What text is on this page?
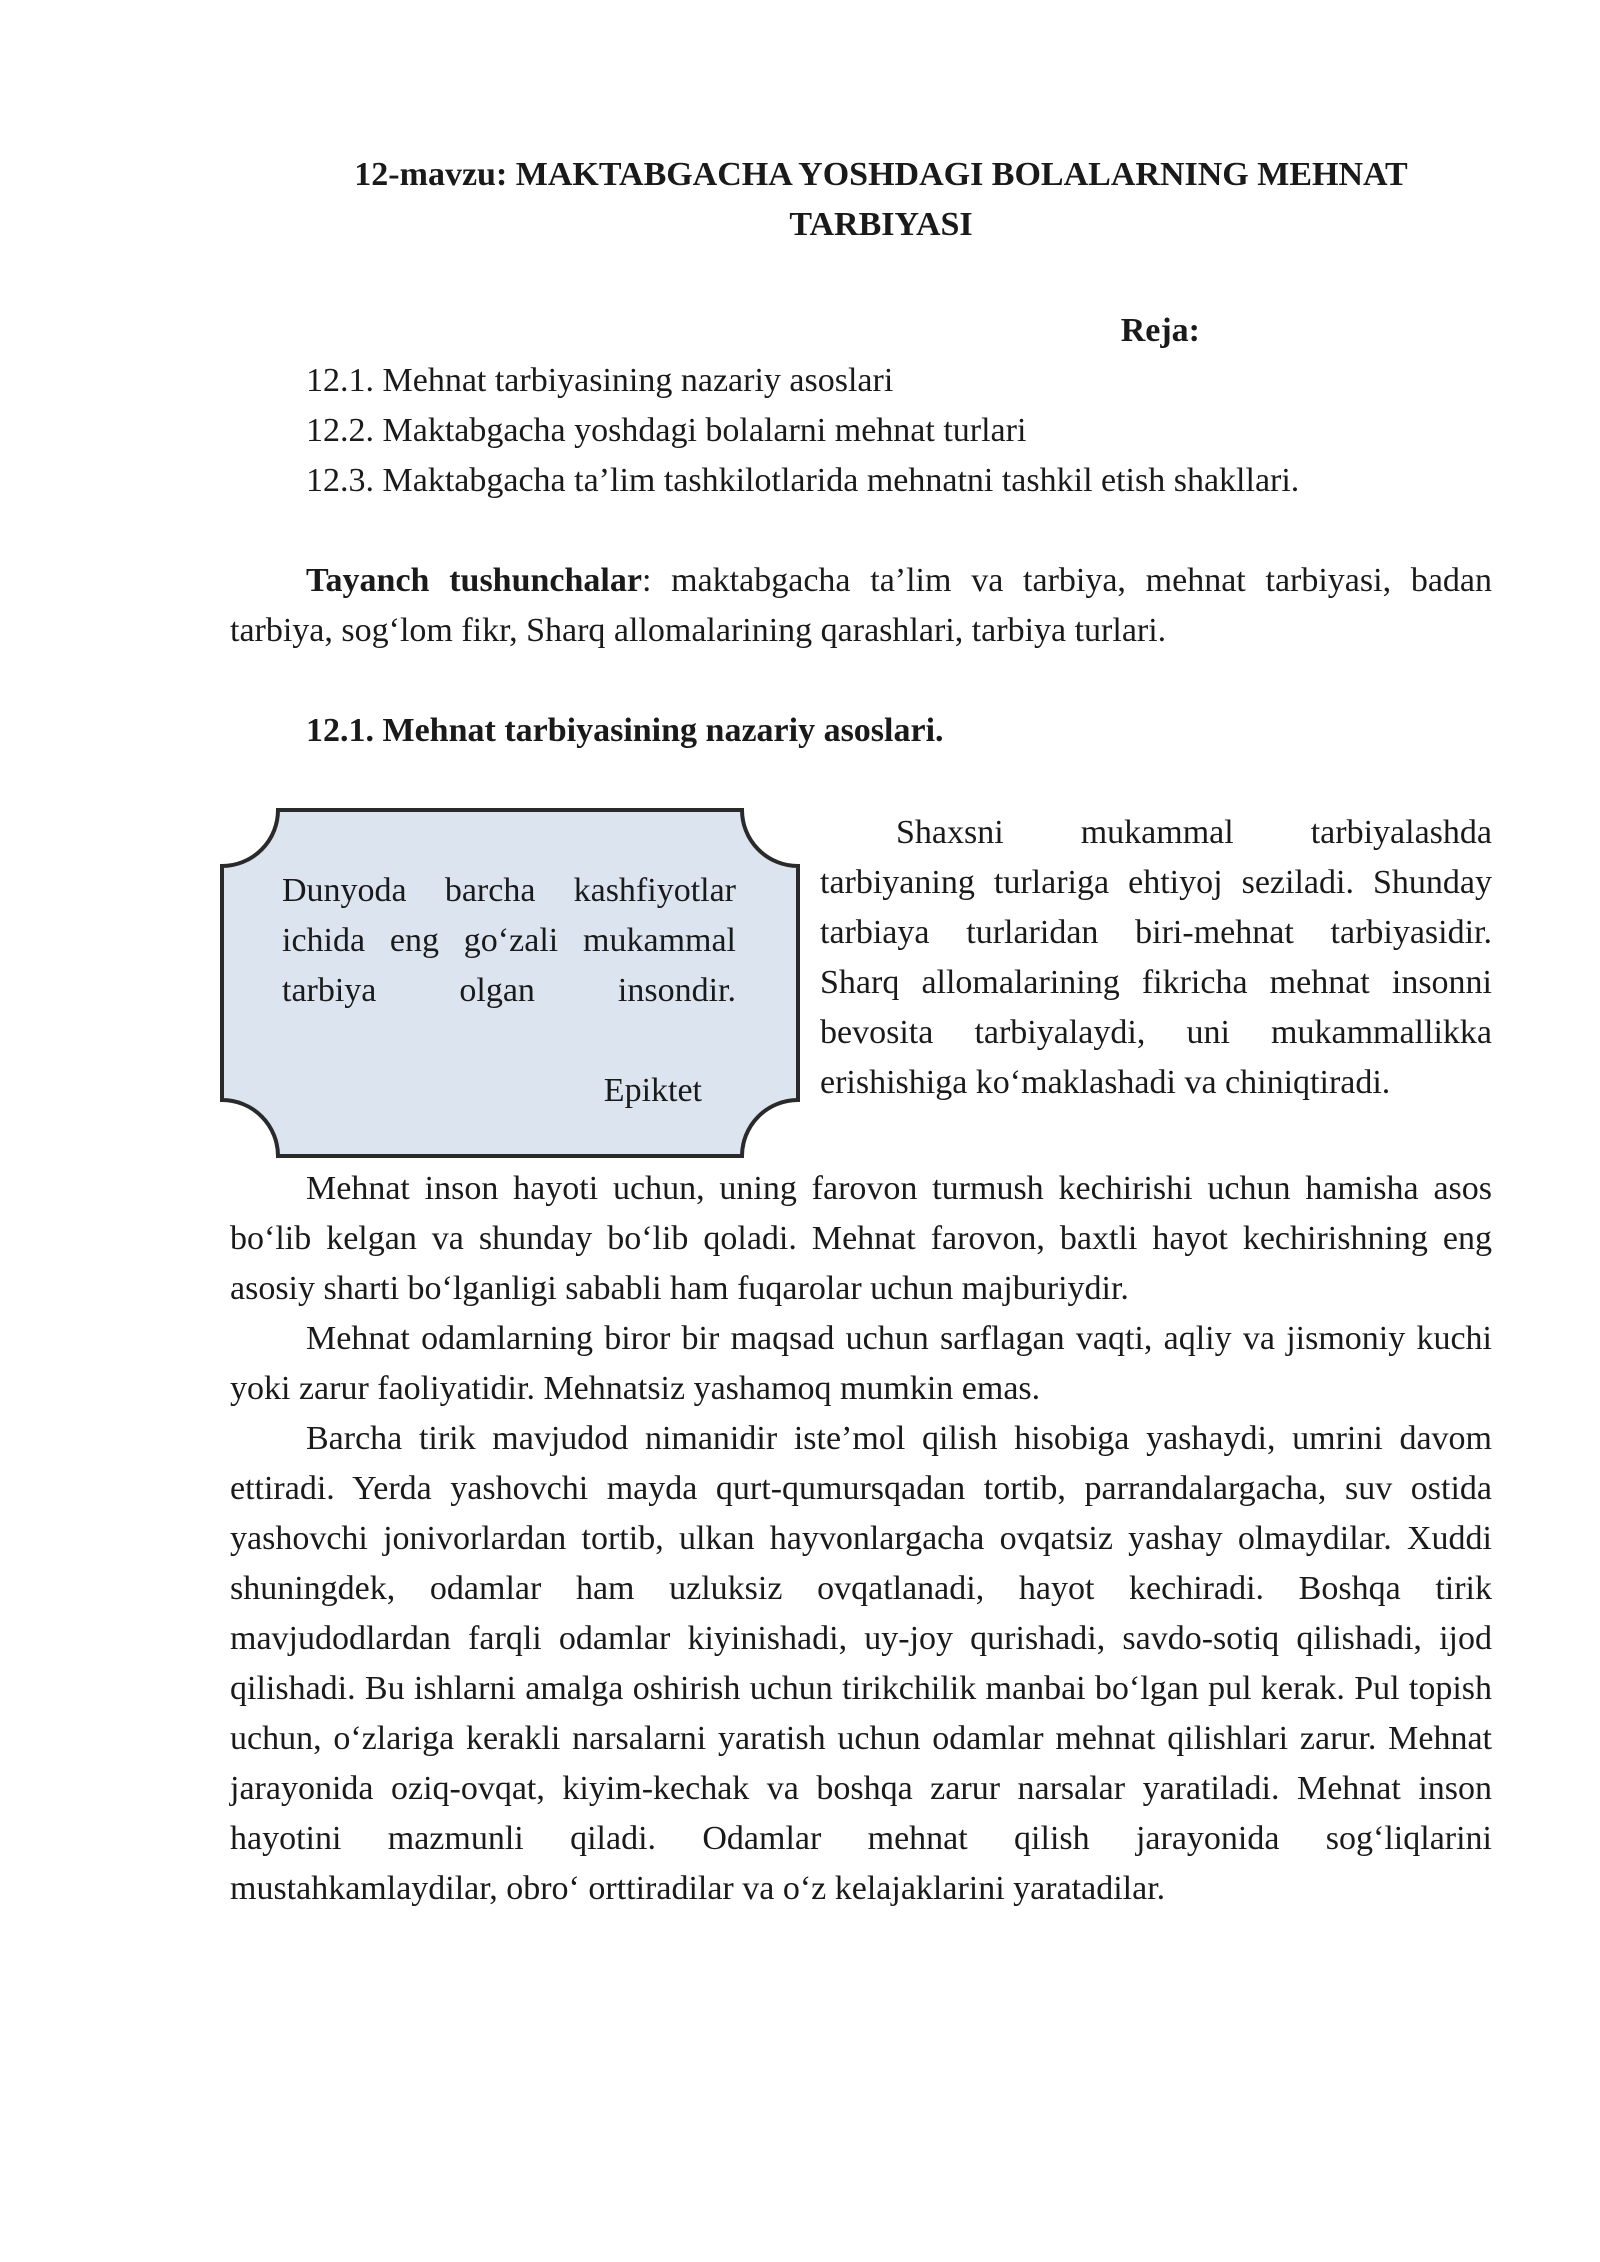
12-mavzu: MAKTABGACHA YOSHDAGI BOLALARNING MEHNAT
TARBIYASI
Reja:
12.1. Mehnat tarbiyasining nazariy asoslari
12.2. Maktabgacha yoshdagi bolalarni mehnat turlari
12.3. Maktabgacha ta’lim tashkilotlarida mehnatni tashkil etish shakllari.

Tayanch tushunchalar: maktabgacha ta’lim va tarbiya, mehnat tarbiyasi, badan tarbiya, sog‘lom fikr, Sharq allomalarining qarashlari, tarbiya turlari.

12.1. Mehnat tarbiyasining nazariy asoslari.
Dunyoda barcha kashfiyotlar ichida eng go‘zali mukammal tarbiya olgan insondir.
Epiktet

Shaxsni mukammal tarbiyalashda tarbiyaning turlariga ehtiyoj seziladi. Shunday tarbiaya turlaridan biri-mehnat tarbiyasidir. Sharq allomalarining fikricha mehnat insonni bevosita tarbiyalaydi, uni mukammallikka erishishiga ko‘maklashadi va chiniqtiradi.

Mehnat inson hayoti uchun, uning farovon turmush kechirishi uchun hamisha asos bo‘lib kelgan va shunday bo‘lib qoladi. Mehnat farovon, baxtli hayot kechirishning eng asosiy sharti bo‘lganligi sababli ham fuqarolar uchun majburiydir.

Mehnat odamlarning biror bir maqsad uchun sarflagan vaqti, aqliy va jismoniy kuchi yoki zarur faoliyatidir. Mehnatsiz yashamoq mumkin emas.

Barcha tirik mavjudod nimanidir iste’mol qilish hisobiga yashaydi, umrini davom ettiradi. Yerda yashovchi mayda qurt-qumursqadan tortib, parrandalargacha, suv ostida yashovchi jonivorlardan tortib, ulkan hayvonlargacha ovqatsiz yashay olmaydilar. Xuddi shuningdek, odamlar ham uzluksiz ovqatlanadi, hayot kechiradi. Boshqa tirik mavjudodlardan farqli odamlar kiyinishadi, uy-joy qurishadi, savdo-sotiq qilishadi, ijod qilishadi. Bu ishlarni amalga oshirish uchun tirikchilik manbai bo‘lgan pul kerak. Pul topish uchun, o‘zlariga kerakli narsalarni yaratish uchun odamlar mehnat qilishlari zarur. Mehnat jarayonida oziq-ovqat, kiyim-kechak va boshqa zarur narsalar yaratiladi. Mehnat inson hayotini mazmunli qiladi. Odamlar mehnat qilish jarayonida sog‘liqlarini mustahkamlaydilar, obro‘ orttiradilar va o‘z kelajaklarini yaratadilar.
